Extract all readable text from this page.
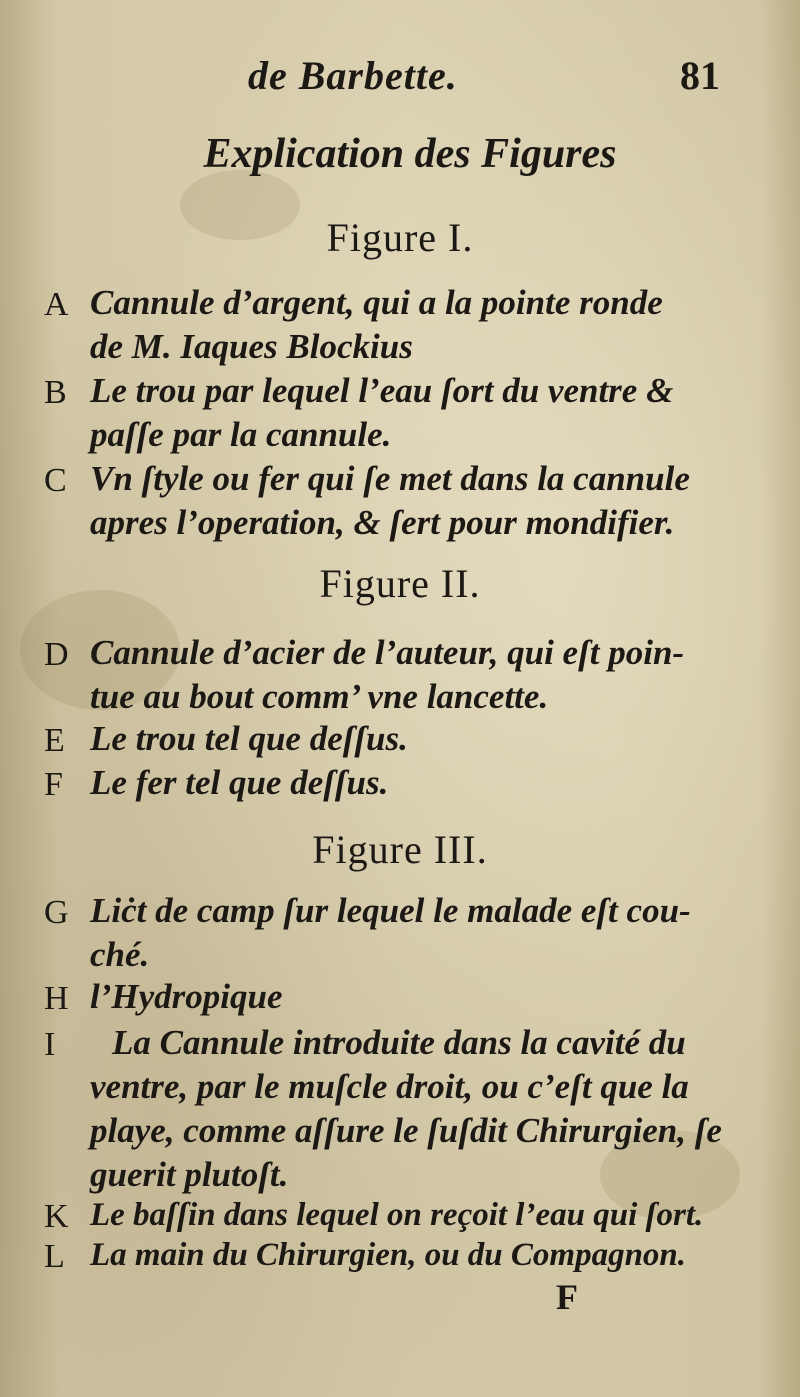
de Barbette.	81
Explication des Figures
Figure I.
A Cannule d’argent, qui a la pointe ronde
de M. Iaques Blockius
B Le trou par lequel l’eau ſort du ventre &
paſſe par la cannule.
C Vn ſtyle ou fer qui ſe met dans la cannule
apres l’operation, & ſert pour mondifier.
Figure II.
D Cannule d’acier de l’auteur, qui eſt poin-
tue au bout comm’ vne lancette.
E Le trou tel que deſſus.
F Le fer tel que deſſus.
Figure III.
G Liċt de camp ſur lequel le malade eſt cou-
ché.
H l’Hydropique
I	La Cannule introduite dans la cavité du
ventre, par le muſcle droit, ou c’eſt que la
playe, comme aſſure le ſuſdit Chirurgien, ſe
guerit plutoſt.
K Le baſſin dans lequel on reçoit l’eau qui ſort.
L La main du Chirurgien, ou du Compagnon.
F
